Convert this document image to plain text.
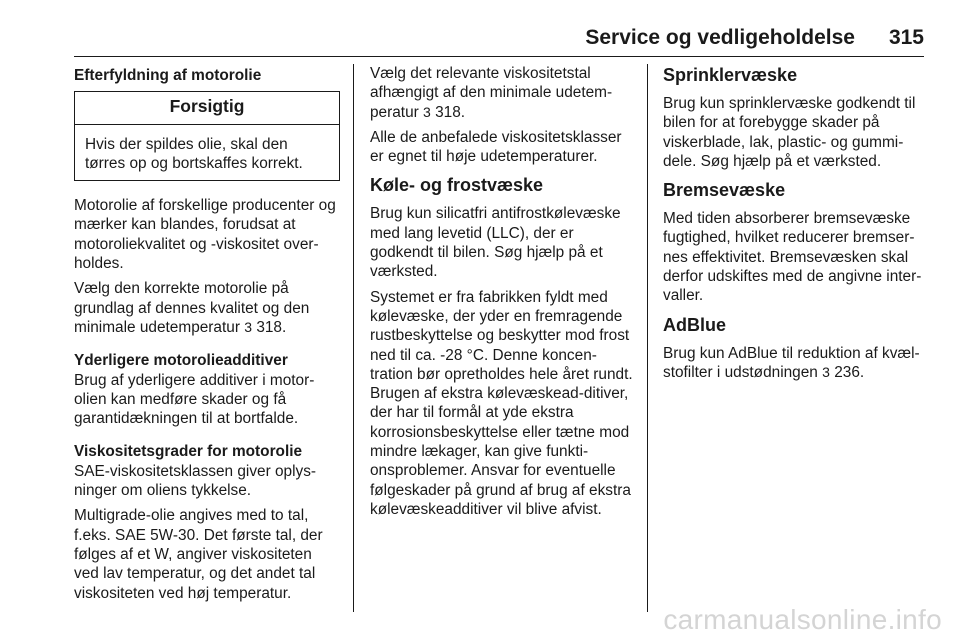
Service og vedligeholdelse 315
Efterfyldning af motorolie
Forsigtig
Hvis der spildes olie, skal den tørres op og bortskaffes korrekt.

Motorolie af forskellige producenter og mærker kan blandes, forudsat at motoroliekvalitet og -viskositet over-holdes.

Vælg den korrekte motorolie på grundlag af dennes kvalitet og den minimale udetemperatur 3 318.

Yderligere motorolieadditiver
Brug af yderligere additiver i motor-olien kan medføre skader og få garantidækningen til at bortfalde.

Viskositetsgrader for motorolie
SAE-viskositetsklassen giver oplys-ninger om oliens tykkelse.

Multigrade-olie angives med to tal, f.eks. SAE 5W-30. Det første tal, der følges af et W, angiver viskositeten ved lav temperatur, og det andet tal viskositeten ved høj temperatur.

Vælg det relevante viskositetstal afhængigt af den minimale udetem-peratur 3 318.

Alle de anbefalede viskositetsklasser er egnet til høje udetemperaturer.

Køle- og frostvæske

Brug kun silicatfri antifrostkølevæske med lang levetid (LLC), der er godkendt til bilen. Søg hjælp på et værksted.

Systemet er fra fabrikken fyldt med kølevæske, der yder en fremragende rustbeskyttelse og beskytter mod frost ned til ca. -28 °C. Denne koncen-tration bør opretholdes hele året rundt. Brugen af ekstra kølevæskead-ditiver, der har til formål at yde ekstra korrosionsbeskyttelse eller tætne mod mindre lækager, kan give funkti-onsproblemer. Ansvar for eventuelle følgeskader på grund af brug af ekstra kølevæskeadditiver vil blive afvist.

Sprinklervæske

Brug kun sprinklervæske godkendt til bilen for at forebygge skader på viskerblade, lak, plastic- og gummi-dele. Søg hjælp på et værksted.

Bremsevæske

Med tiden absorberer bremsevæske fugtighed, hvilket reducerer bremser-nes effektivitet. Bremsevæsken skal derfor udskiftes med de angivne inter-valler.

AdBlue

Brug kun AdBlue til reduktion af kvæl-stofilter i udstødningen 3 236.

carmanualsonline.info
